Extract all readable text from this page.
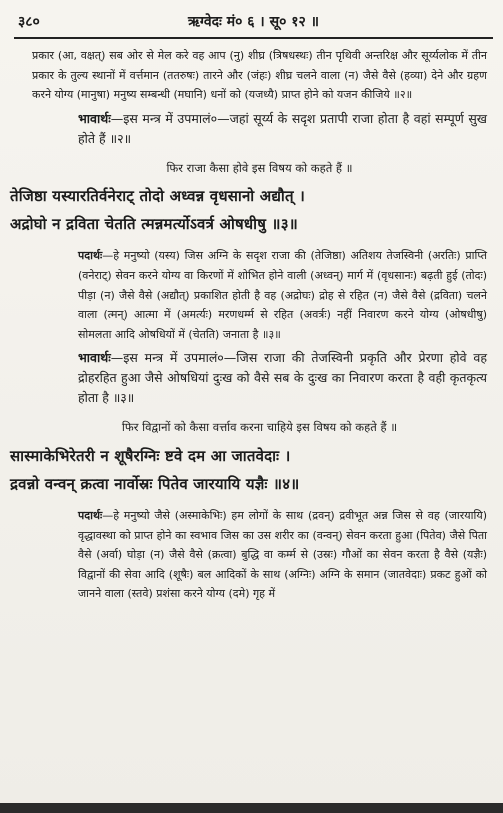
३८०	ऋग्वेदः मं० ६ । सू० १२ ॥

प्रकार (आ, वक्षत्) सब ओर से मेल करे वह आप (नु) शीघ्र (त्रिषधस्थः) तीन पृथिवी अन्तरिक्ष और सूर्य्यलोक में तीन प्रकार के तुल्य स्थानों में वर्त्तमान (ततरुषः) तारने और (जंहः) शीघ्र चलने वाला (न) जैसे वैसे (हव्या) देने और ग्रहण करने योग्य (मानुषा) मनुष्य सम्बन्धी (मघानि) धनों को (यजध्यै) प्राप्त होने को यजन कीजिये ॥२॥

भावार्थः—इस मन्त्र में उपमालं०—जहां सूर्य्य के सदृश प्रतापी राजा होता है वहां सम्पूर्ण सुख होते हैं ॥२॥

फिर राजा कैसा होवे इस विषय को कहते हैं ॥

तेजिष्ठा यस्यारतिर्वनेराट् तोदो अध्वन्न वृधसानो अद्यौत् ।

अद्रोघो न द्रविता चेतति त्मन्नमर्त्योऽवर्त्र ओषधीषु ॥३॥

पदार्थः—हे मनुष्यो (यस्य) जिस अग्नि के सदृश राजा की (तेजिष्ठा) अतिशय तेजस्विनी (अरतिः) प्राप्ति (वनेराट्) सेवन करने योग्य वा किरणों में शोभित होने वाली (अध्वन्) मार्ग में (वृधसानः) बढ़ती हुई (तोदः) पीड़ा (न) जैसे वैसे (अद्यौत्) प्रकाशित होती है वह (अद्रोघः) द्रोह से रहित (न) जैसे वैसे (द्रविता) चलने वाला (त्मन्) आत्मा में (अमर्त्यः) मरणधर्म्म से रहित (अवर्त्रः) नहीं निवारण करने योग्य (ओषधीषु) सोमलता आदि ओषधियों में (चेतति) जनाता है ॥३॥

भावार्थः—इस मन्त्र में उपमालं०—जिस राजा की तेजस्विनी प्रकृति और प्रेरणा होवे वह द्रोहरहित हुआ जैसे ओषधियां दुःख को वैसे सब के दुःख का निवारण करता है वही कृतकृत्य होता है ॥३॥

फिर विद्वानों को कैसा वर्त्ताव करना चाहिये इस विषय को कहते हैं ॥

सास्माकेभिरेतरी न शूषैरग्निः ष्टवे दम आ जातवेदाः ।

द्रवन्नो वन्वन् क्रत्वा नार्वोस्रः पितेव जारयायि यज्ञैः ॥४॥

पदार्थः—हे मनुष्यो जैसे (अस्माकेभिः) हम लोगों के साथ (द्रवन्) द्रवीभूत अन्न जिस से वह (जारयायि) वृद्धावस्था को प्राप्त होने का स्वभाव जिस का उस शरीर का (वन्वन्) सेवन करता हुआ (पितेव) जैसे पिता वैसे (अर्वा) घोड़ा (न) जैसे वैसे (क्रत्वा) बुद्धि वा कर्म्म से (उस्रः) गौओं का सेवन करता है वैसे (यज्ञैः) विद्वानों की सेवा आदि (शूषैः) बल आदिकों के साथ (अग्निः) अग्नि के समान (जातवेदाः) प्रकट हुओं को जानने वाला (स्तवे) प्रशंसा करने योग्य (दमे) गृह में
